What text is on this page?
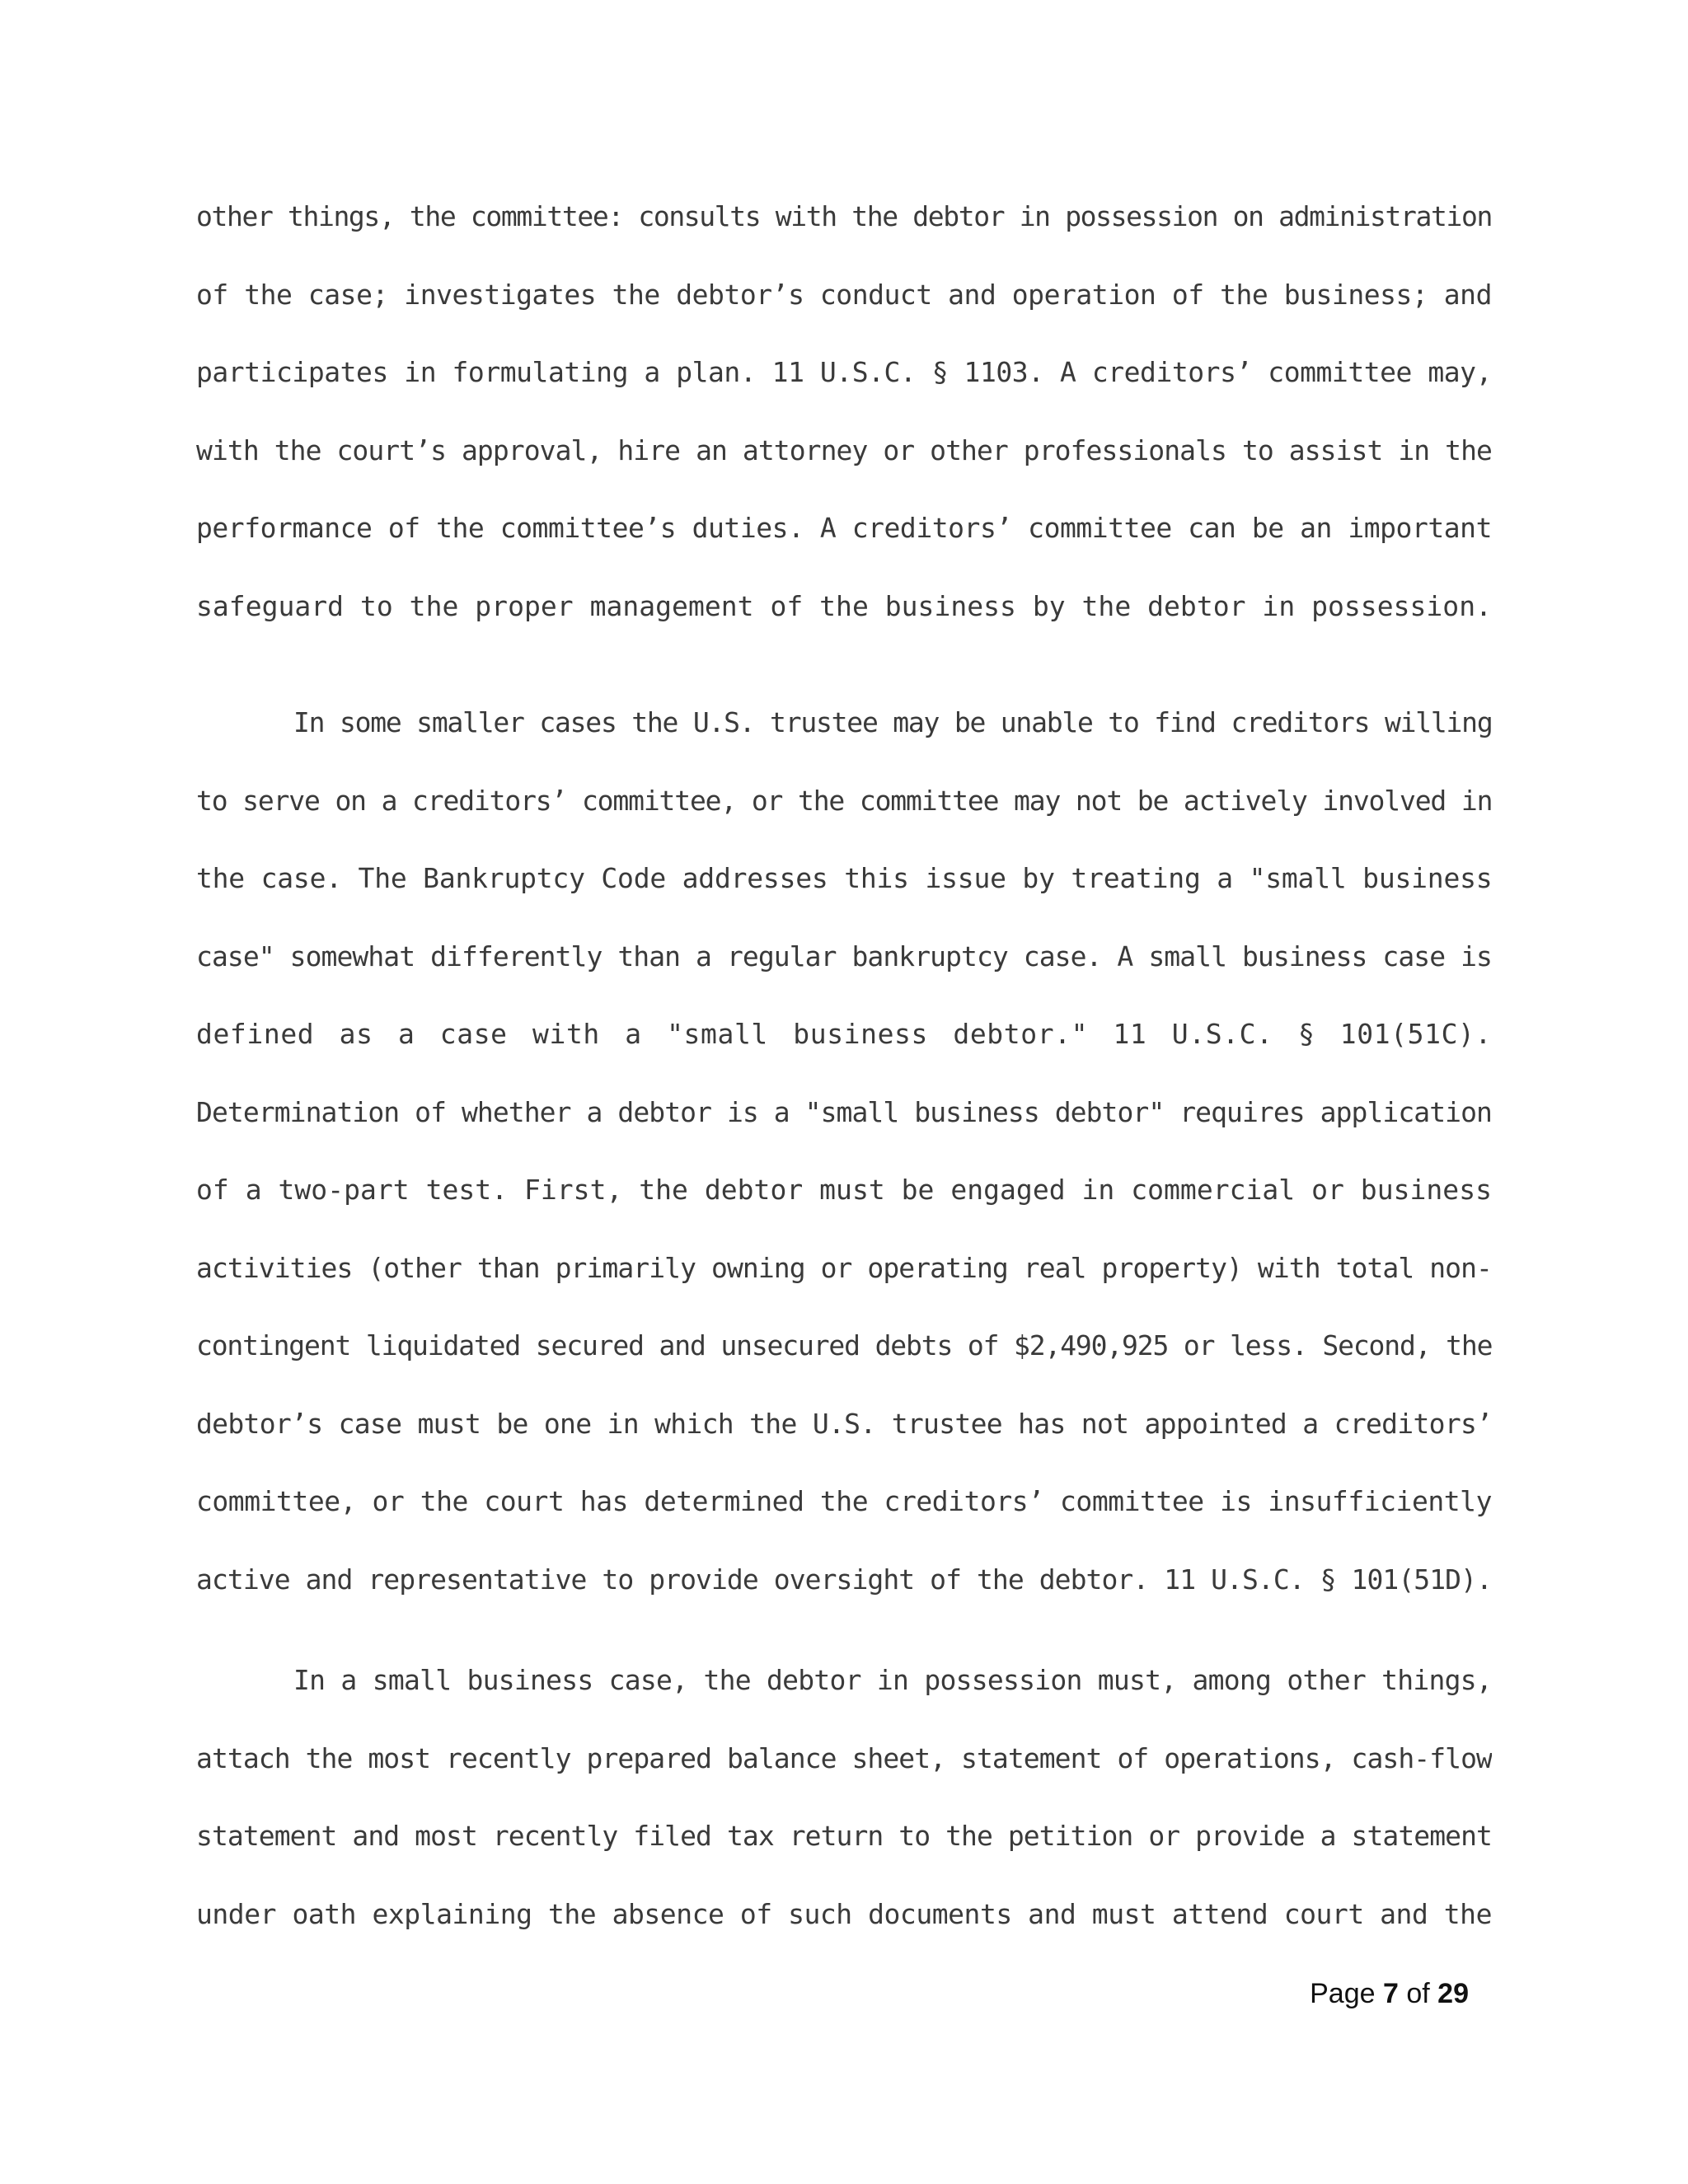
other things, the committee: consults with the debtor in possession on administration
of the case; investigates the debtor’s conduct and operation of the business; and
participates in formulating a plan. 11 U.S.C. § 1103. A creditors’ committee may,
with the court’s approval, hire an attorney or other professionals to assist in the
performance of the committee’s duties. A creditors’ committee can be an important
safeguard to the proper management of the business by the debtor in possession.
In some smaller cases the U.S. trustee may be unable to find creditors willing
to serve on a creditors’ committee, or the committee may not be actively involved in
the case. The Bankruptcy Code addresses this issue by treating a "small business
case" somewhat differently than a regular bankruptcy case. A small business case is
defined as a case with a "small business debtor." 11 U.S.C. § 101(51C).
Determination of whether a debtor is a "small business debtor" requires application
of a two-part test. First, the debtor must be engaged in commercial or business
activities (other than primarily owning or operating real property) with total non-
contingent liquidated secured and unsecured debts of $2,490,925 or less. Second, the
debtor’s case must be one in which the U.S. trustee has not appointed a creditors’
committee, or the court has determined the creditors’ committee is insufficiently
active and representative to provide oversight of the debtor. 11 U.S.C. § 101(51D).
In a small business case, the debtor in possession must, among other things,
attach the most recently prepared balance sheet, statement of operations, cash-flow
statement and most recently filed tax return to the petition or provide a statement
under oath explaining the absence of such documents and must attend court and the
Page 7 of 29
